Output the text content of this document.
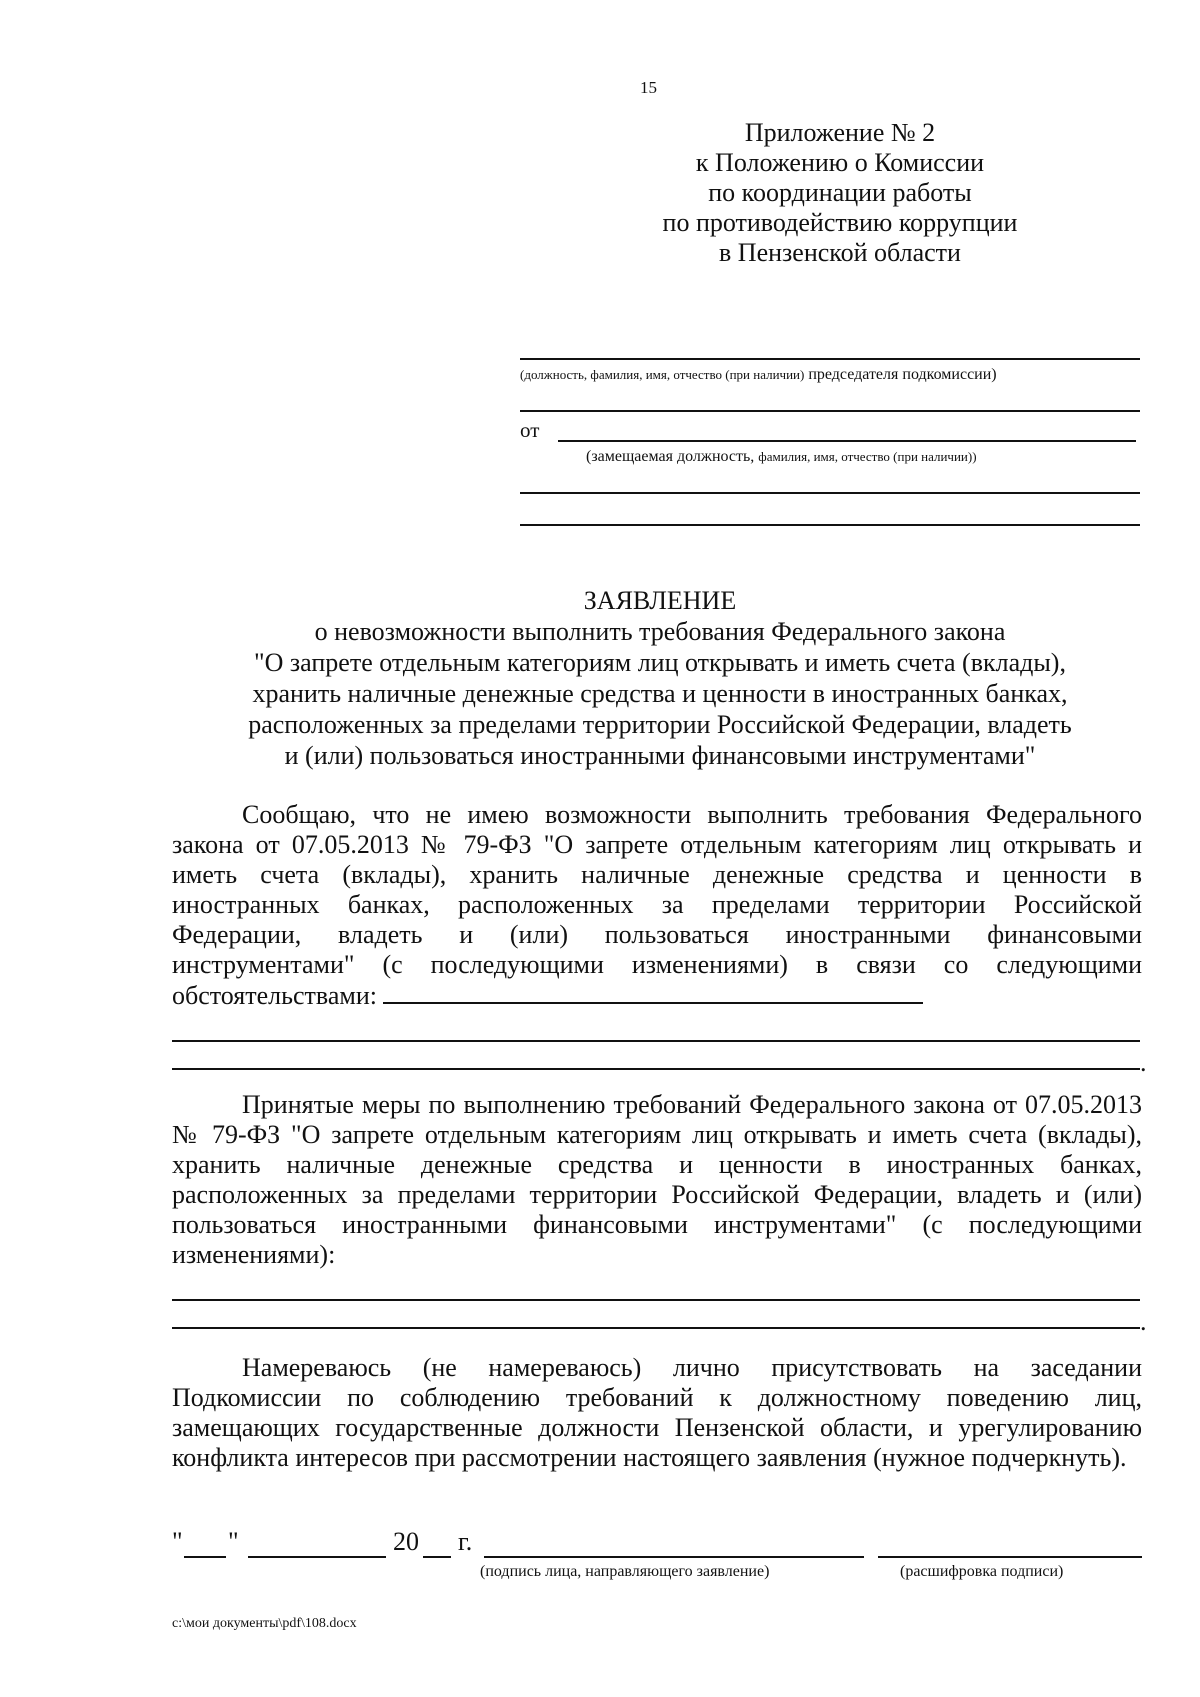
15
Приложение № 2
к Положению о Комиссии
по координации работы
по противодействию коррупции
в Пензенской области
(должность, фамилия, имя, отчество (при наличии) председателя подкомиссии)
от
(замещаемая должность, фамилия, имя, отчество (при наличии))
ЗАЯВЛЕНИЕ
о невозможности выполнить требования Федерального закона
"О запрете отдельным категориям лиц открывать и иметь счета (вклады),
хранить наличные денежные средства и ценности в иностранных банках,
расположенных за пределами территории Российской Федерации, владеть
и (или) пользоваться иностранными финансовыми инструментами"
Сообщаю, что не имею возможности выполнить требования Федерального закона от 07.05.2013 № 79-ФЗ "О запрете отдельным категориям лиц открывать и иметь счета (вклады), хранить наличные денежные средства и ценности в иностранных банках, расположенных за пределами территории Российской Федерации, владеть и (или) пользоваться иностранными финансовыми инструментами" (с последующими изменениями) в связи со следующими обстоятельствами:
.
Принятые меры по выполнению требований Федерального закона от 07.05.2013 № 79-ФЗ "О запрете отдельным категориям лиц открывать и иметь счета (вклады), хранить наличные денежные средства и ценности в иностранных банках, расположенных за пределами территории Российской Федерации, владеть и (или) пользоваться иностранными финансовыми инструментами" (с последующими изменениями):
.
Намереваюсь (не намереваюсь) лично присутствовать на заседании Подкомиссии по соблюдению требований к должностному поведению лиц, замещающих государственные должности Пензенской области, и урегулированию конфликта интересов при рассмотрении настоящего заявления (нужное подчеркнуть).
" "	20 г.
(подпись лица, направляющего заявление)	(расшифровка подписи)
c:\мои документы\pdf\108.docx
